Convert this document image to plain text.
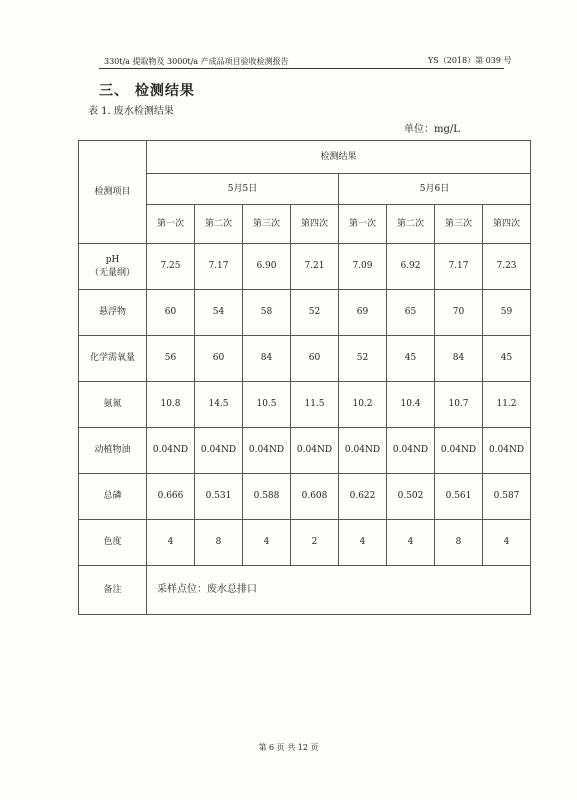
330t/a 提取物及 3000t/a 产成品项目验收检测报告	YS（2018）第 039 号
三、 检测结果
表 1. 废水检测结果
单位：mg/L
检测项目	检测结果							
	5月5日				5月6日			
	第一次	第二次	第三次	第四次	第一次	第二次	第三次	第四次
pH
（无量纲）	7.25	7.17	6.90	7.21	7.09	6.92	7.17	7.23
悬浮物	60	54	58	52	69	65	70	59
化学需氧量	56	60	84	60	52	45	84	45
氨氮	10.8	14.5	10.5	11.5	10.2	10.4	10.7	11.2
动植物油	0.04ND	0.04ND	0.04ND	0.04ND	0.04ND	0.04ND	0.04ND	0.04ND
总磷	0.666	0.531	0.588	0.608	0.622	0.502	0.561	0.587
色度	4	8	4	2	4	4	8	4
备注	采样点位：废水总排口							
第 6 页 共 12 页
